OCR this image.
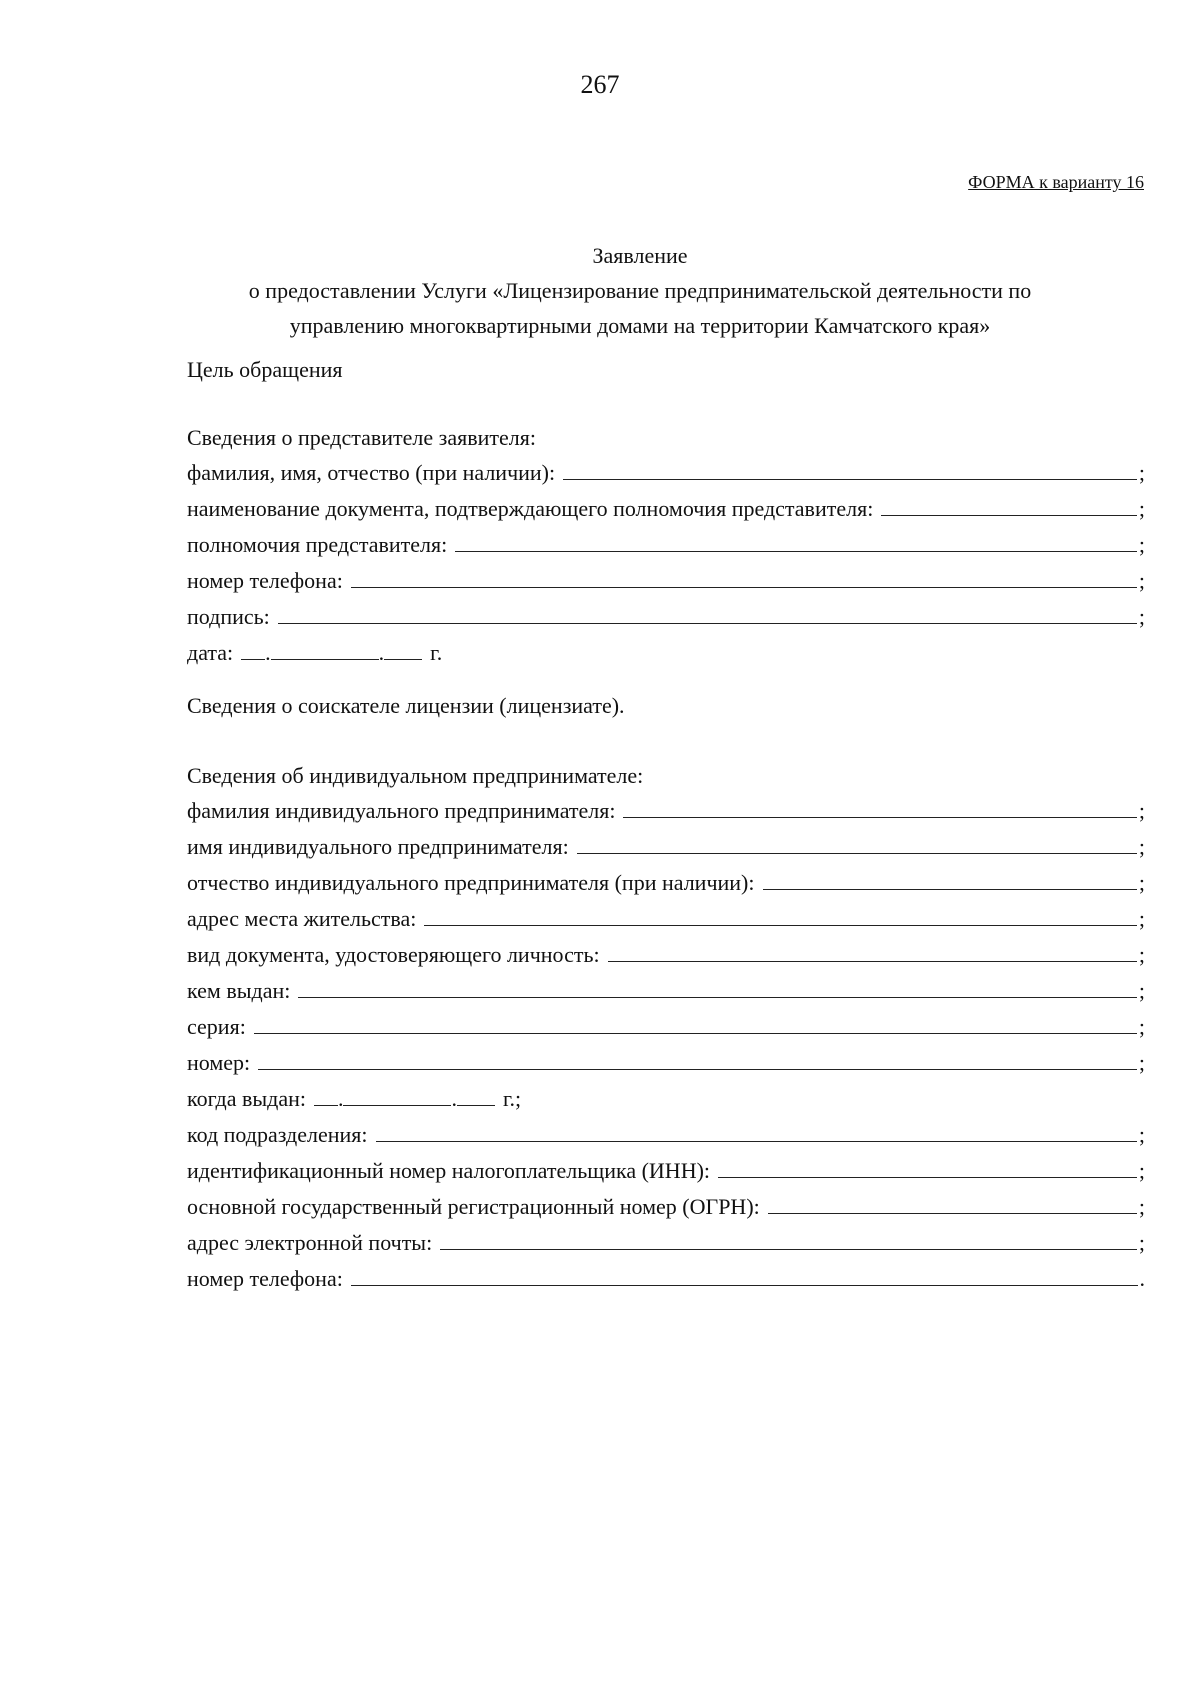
267
ФОРМА к варианту 16
Заявление
о предоставлении Услуги «Лицензирование предпринимательской деятельности по
управлению многоквартирными домами на территории Камчатского края»
Цель обращения
Сведения о представителе заявителя:
фамилия, имя, отчество (при наличии):	;
наименование документа, подтверждающего полномочия представителя:	;
полномочия представителя:	;
номер телефона:	;
подпись:	;
дата: .	. г.
Сведения о соискателе лицензии (лицензиате).
Сведения об индивидуальном предпринимателе:
фамилия индивидуального предпринимателя:	;
имя индивидуального предпринимателя:	;
отчество индивидуального предпринимателя (при наличии):	;
адрес места жительства:	;
вид документа, удостоверяющего личность:	;
кем выдан:	;
серия:	;
номер:	;
когда выдан: .	. г.;
код подразделения:	;
идентификационный номер налогоплательщика (ИНН):	;
основной государственный регистрационный номер (ОГРН):	;
адрес электронной почты:	;
номер телефона:	.
